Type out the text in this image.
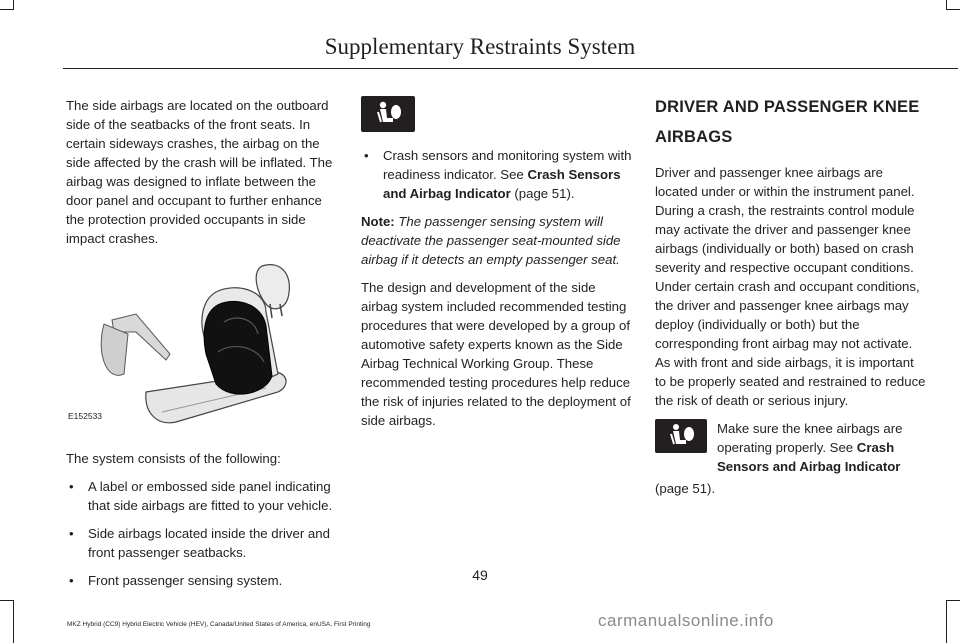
Supplementary Restraints System

The side airbags are located on the outboard side of the seatbacks of the front seats. In certain sideways crashes, the airbag on the side affected by the crash will be inflated. The airbag was designed to inflate between the door panel and occupant to further enhance the protection provided occupants in side impact crashes.

E152533

The system consists of the following:

• A label or embossed side panel indicating that side airbags are fitted to your vehicle.
• Side airbags located inside the driver and front passenger seatbacks.
• Front passenger sensing system.
• Crash sensors and monitoring system with readiness indicator. See Crash Sensors and Airbag Indicator (page 51).

Note: The passenger sensing system will deactivate the passenger seat-mounted side airbag if it detects an empty passenger seat.

The design and development of the side airbag system included recommended testing procedures that were developed by a group of automotive safety experts known as the Side Airbag Technical Working Group. These recommended testing procedures help reduce the risk of injuries related to the deployment of side airbags.

DRIVER AND PASSENGER KNEE
AIRBAGS

Driver and passenger knee airbags are located under or within the instrument panel. During a crash, the restraints control module may activate the driver and passenger knee airbags (individually or both) based on crash severity and respective occupant conditions. Under certain crash and occupant conditions, the driver and passenger knee airbags may deploy (individually or both) but the corresponding front airbag may not activate. As with front and side airbags, it is important to be properly seated and restrained to reduce the risk of death or serious injury.

Make sure the knee airbags are operating properly. See Crash Sensors and Airbag Indicator
(page 51).
49
MKZ Hybrid (CC9) Hybrid Electric Vehicle (HEV), Canada/United States of America, enUSA, First Printing	carmanualsonline.info
